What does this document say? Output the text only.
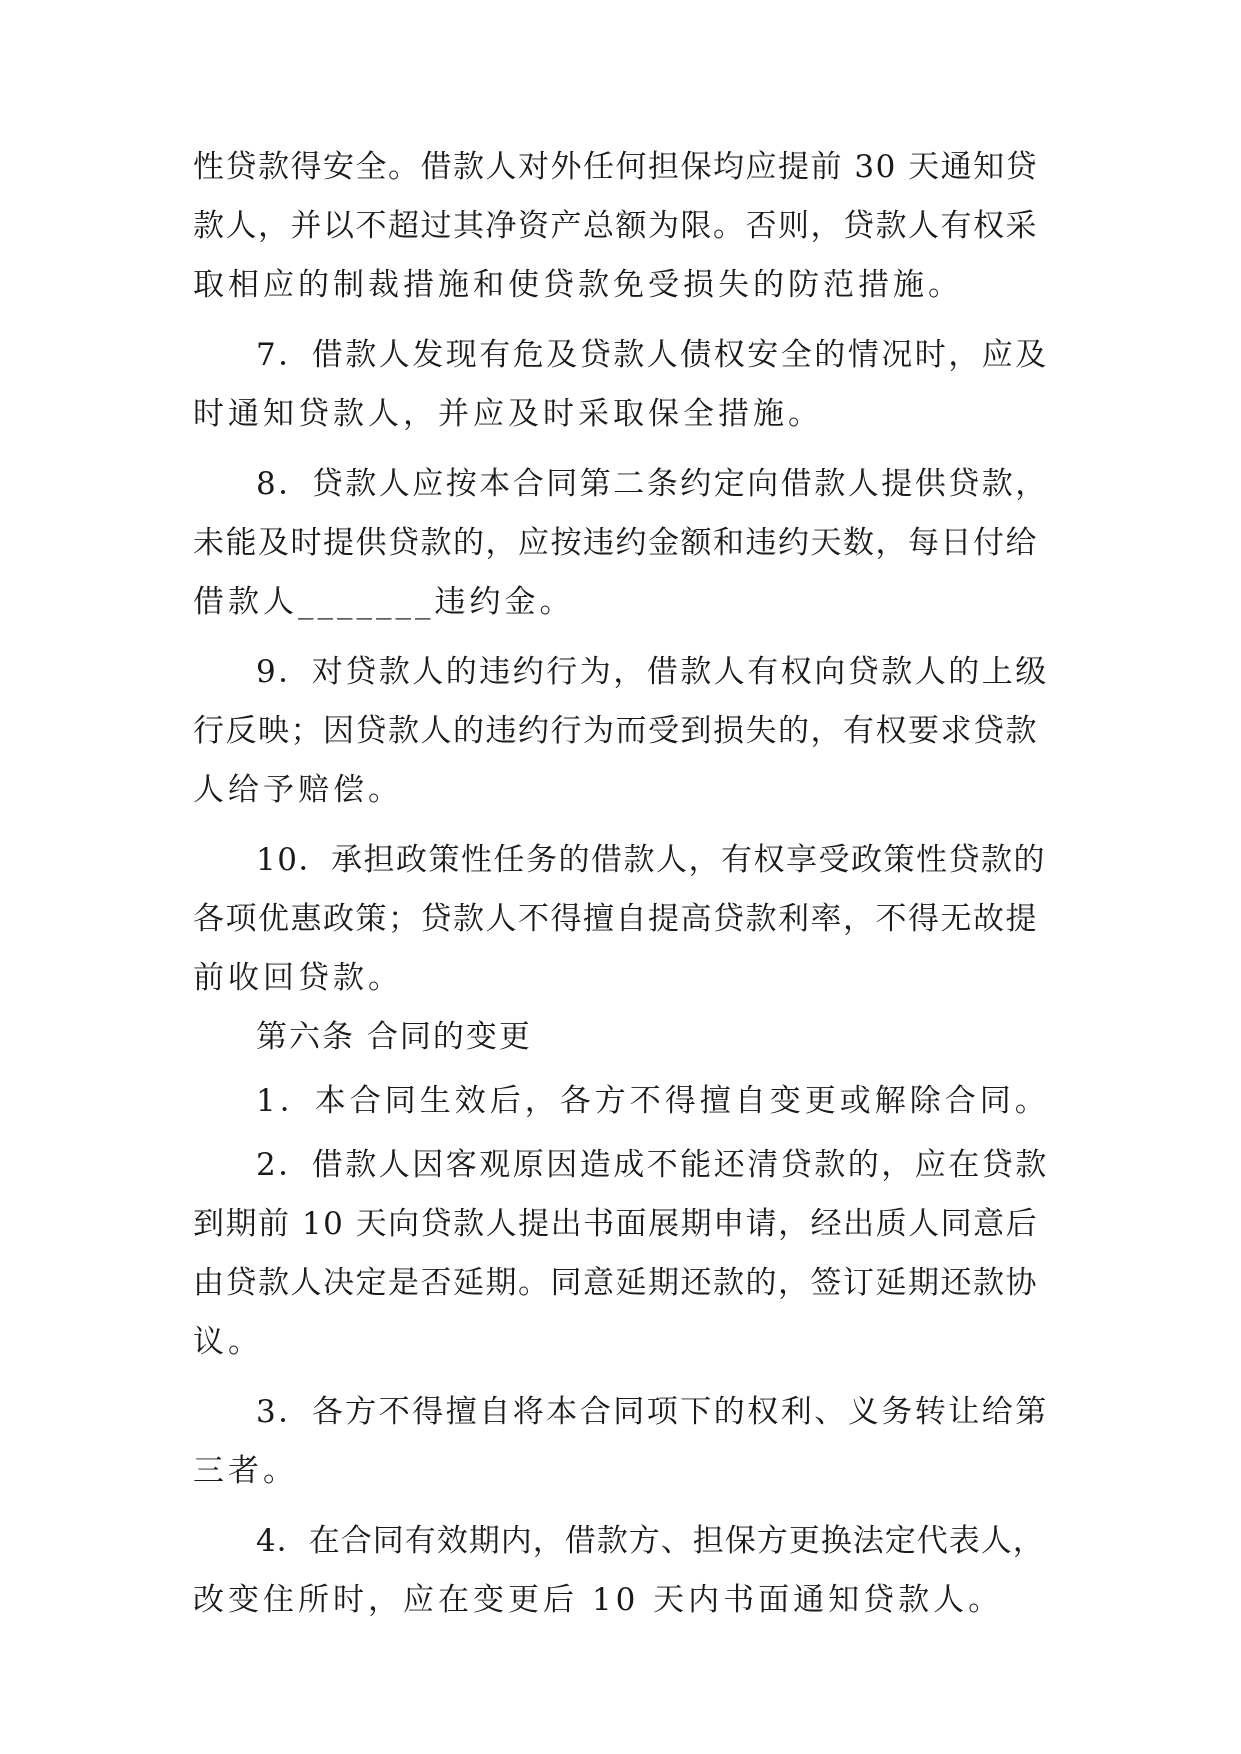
性贷款得安全。借款人对外任何担保均应提前 30 天通知贷

款人，并以不超过其净资产总额为限。否则，贷款人有权采

取相应的制裁措施和使贷款免受损失的防范措施。

7．借款人发现有危及贷款人债权安全的情况时，应及

时通知贷款人，并应及时采取保全措施。

8．贷款人应按本合同第二条约定向借款人提供贷款，

未能及时提供贷款的，应按违约金额和违约天数，每日付给

借款人_______违约金。

9．对贷款人的违约行为，借款人有权向贷款人的上级

行反映；因贷款人的违约行为而受到损失的，有权要求贷款

人给予赔偿。

10．承担政策性任务的借款人，有权享受政策性贷款的

各项优惠政策；贷款人不得擅自提高贷款利率，不得无故提

前收回贷款。

第六条 合同的变更

1．本合同生效后，各方不得擅自变更或解除合同。

2．借款人因客观原因造成不能还清贷款的，应在贷款

到期前 10 天向贷款人提出书面展期申请，经出质人同意后

由贷款人决定是否延期。同意延期还款的，签订延期还款协

议。

3．各方不得擅自将本合同项下的权利、义务转让给第

三者。

4．在合同有效期内，借款方、担保方更换法定代表人，

改变住所时，应在变更后 10 天内书面通知贷款人。
